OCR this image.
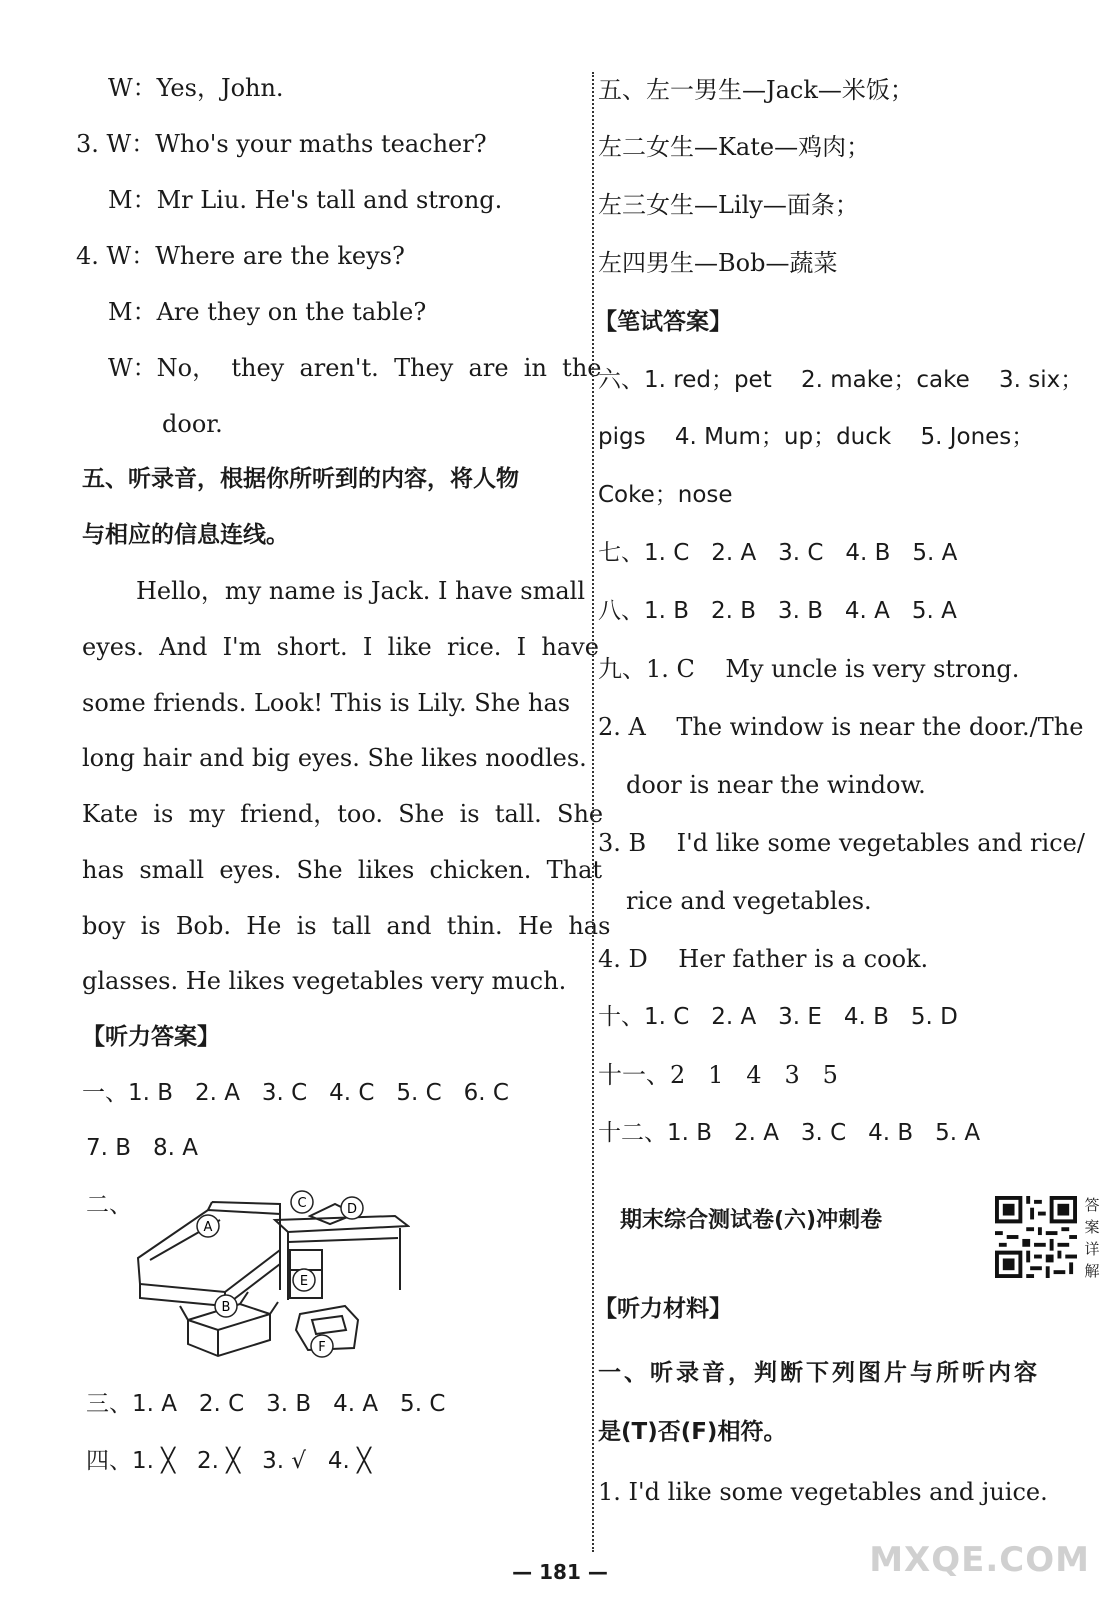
W：Yes，John.
3. W：Who's your maths teacher?
M：Mr Liu. He's tall and strong.
4. W：Where are the keys?
M：Are they on the table?
W：No，  they  aren't.  They  are  in  the
door.
五、听录音，根据你所听到的内容，将人物
与相应的信息连线。
Hello，my name is Jack. I have small
eyes.  And  I'm  short.  I  like  rice.  I  have
some friends. Look! This is Lily. She has
long hair and big eyes. She likes noodles.
Kate  is  my  friend，too.  She  is  tall.  She
has  small  eyes.  She  likes  chicken.  That
boy  is  Bob.  He  is  tall  and  thin.  He  has
glasses. He likes vegetables very much.
【听力答案】
一、1. B   2. A   3. C   4. C   5. C   6. C
7. B   8. A
二、
A
B
C	D
E
F
三、1. A   2. C   3. B   4. A   5. C
四、1. ╳   2. ╳   3. √   4. ╳
五、左一男生—Jack—米饭；
左二女生—Kate—鸡肉；
左三女生—Lily—面条；
左四男生—Bob—蔬菜
【笔试答案】
六、1. red；pet    2. make；cake    3. six；
pigs    4. Mum；up；duck    5. Jones；
Coke；nose
七、1. C   2. A   3. C   4. B   5. A
八、1. B   2. B   3. B   4. A   5. A
九、1. C    My uncle is very strong.
2. A    The window is near the door./The
door is near the window.
3. B    I'd like some vegetables and rice/
rice and vegetables.
4. D    Her father is a cook.
十、1. C   2. A   3. E   4. B   5. D
十一、2   1   4   3   5
十二、1. B   2. A   3. C   4. B   5. A
期末综合测试卷(六)冲刺卷
答案详解
【听力材料】
一、听录音，判断下列图片与所听内容
是(T)否(F)相符。
1. I'd like some vegetables and juice.
— 181 —	MXQE.COM
